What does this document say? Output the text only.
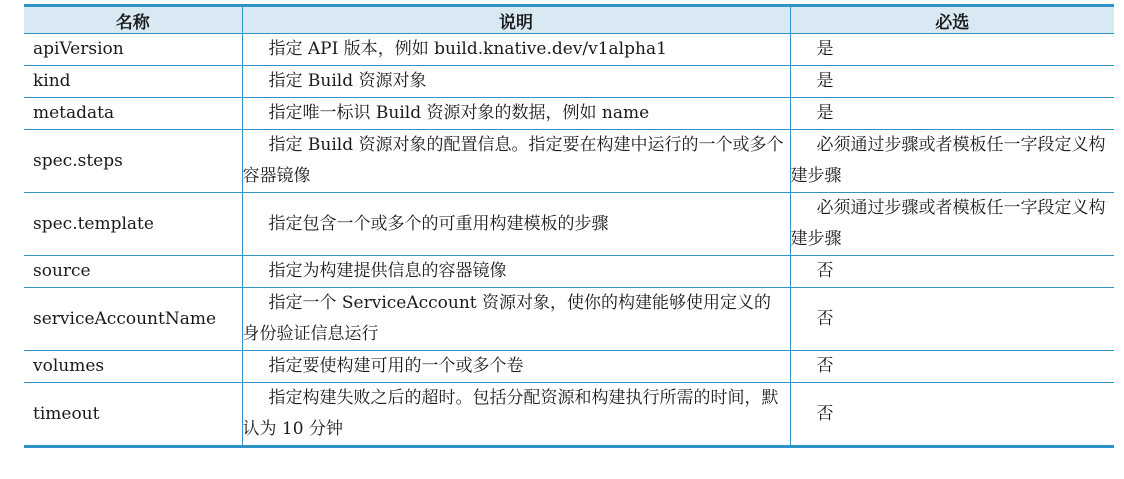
名称	说明	必选
apiVersion	指定 API 版本，例如 build.knative.dev/v1alpha1	是
kind	指定 Build 资源对象	是
metadata	指定唯一标识 Build 资源对象的数据，例如 name	是
spec.steps	指定 Build 资源对象的配置信息。指定要在构建中运行的一个或多个容器镜像	必须通过步骤或者模板任一字段定义构建步骤
spec.template	指定包含一个或多个的可重用构建模板的步骤	必须通过步骤或者模板任一字段定义构建步骤
source	指定为构建提供信息的容器镜像	否
serviceAccountName	指定一个 ServiceAccount 资源对象，使你的构建能够使用定义的身份验证信息运行	否
volumes	指定要使构建可用的一个或多个卷	否
timeout	指定构建失败之后的超时。包括分配资源和构建执行所需的时间，默认为 10 分钟	否
